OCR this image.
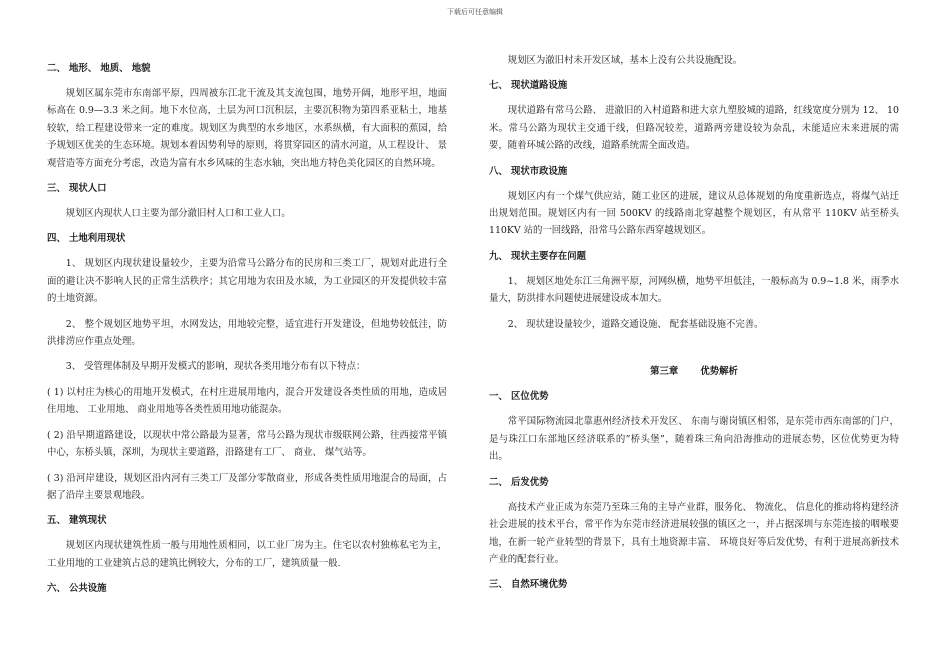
下载后可任意编辑
二、 地形、 地质、 地貌

规划区属东莞市东南部平原，四周被东江北干流及其支流包围，地势开阔，地形平坦，地面标高在 0.9—3.3 米之间。地下水位高，土层为河口沉积层，主要沉积物为第四系亚粘土，地基较软，给工程建设带来一定的难度。规划区为典型的水乡地区，水系纵横，有大面积的蕉园，给予规划区优美的生态环境。规划本着因势利导的原则，将贯穿园区的清水河道，从工程设计、 景观营造等方面充分考虑，改造为富有水乡风味的生态水轴，突出地方特色美化园区的自然环境。

三、 现状人口

规划区内现状人口主要为部分澈旧村人口和工业人口。

四、 土地利用现状

1、 规划区内现状建设量较少，主要为沿常马公路分布的民房和三类工厂，规划对此进行全面的避让决不影响人民的正常生活秩序；其它用地为农田及水域，为工业园区的开发提供较丰富的土地资源。

2、 整个规划区地势平坦，水网发达，用地较完整，适宜进行开发建设，但地势较低洼，防洪排涝应作重点处理。

3、 受管理体制及早期开发模式的影响，现状各类用地分布有以下特点：

( 1) 以村庄为核心的用地开发模式，在村庄进展用地内，混合开发建设各类性质的用地，造成居住用地、 工业用地、 商业用地等各类性质用地功能混杂。

( 2) 沿早期道路建设，以现状中常公路最为显著，常马公路为现状市级联网公路，往西接常平镇中心，东桥头镇，深圳，为现状主要道路，沿路建有工厂、 商业、 煤气站等。

( 3) 沿河岸建设，规划区沿内河有三类工厂及部分零散商业，形成各类性质用地混合的局面，占据了沿岸主要景观地段。

五、 建筑现状

规划区内现状建筑性质一般与用地性质相同，以工业厂房为主。住宅以农村独栋私宅为主，工业用地的工业建筑占总的建筑比例较大，分布的工厂，建筑质量一般.

六、 公共设施

规划区为澈旧村未开发区域，基本上没有公共设施配设。

七、 现状道路设施

现状道路有常马公路、 进澈旧的入村道路和进大京九塑胶城的道路，红线宽度分别为 12、 10 米。常马公路为现状主交通干线，但路况较差，道路两旁建设较为杂乱，未能适应未来进展的需要，随着环城公路的改线，道路系统需全面改造。

八、 现状市政设施

规划区内有一个煤气供应站，随工业区的进展，建议从总体规划的角度重新选点，将煤气站迁出规划范围。规划区内有一回 500KV 的线路南北穿越整个规划区，有从常平 110KV 站至桥头 110KV 站的一回线路，沿常马公路东西穿越规划区。

九、 现状主要存在问题

1、 规划区地处东江三角洲平原，河网纵横，地势平坦低洼，一般标高为 0.9~1.8 米，雨季水量大，防洪排水问题使进展建设成本加大。

2、 现状建设量较少，道路交通设施、 配套基础设施不完善。

第三章 优势解析
一、 区位优势

常平国际物流园北靠惠州经济技术开发区、 东南与谢岗镇区相邻，是东莞市西东南部的门户，是与珠江口东部地区经济联系的”桥头堡”，随着珠三角向沿海推动的进展态势，区位优势更为特出。

二、 后发优势

高技术产业正成为东莞乃至珠三角的主导产业群，服务化、 物流化、 信息化的推动将构建经济社会进展的技术平台，常平作为东莞市经济进展较强的镇区之一，并占据深圳与东莞连接的咽喉要地，在新一轮产业转型的背景下，具有土地资源丰富、 环境良好等后发优势，有利于进展高新技术产业的配套行业。

三、 自然环境优势
